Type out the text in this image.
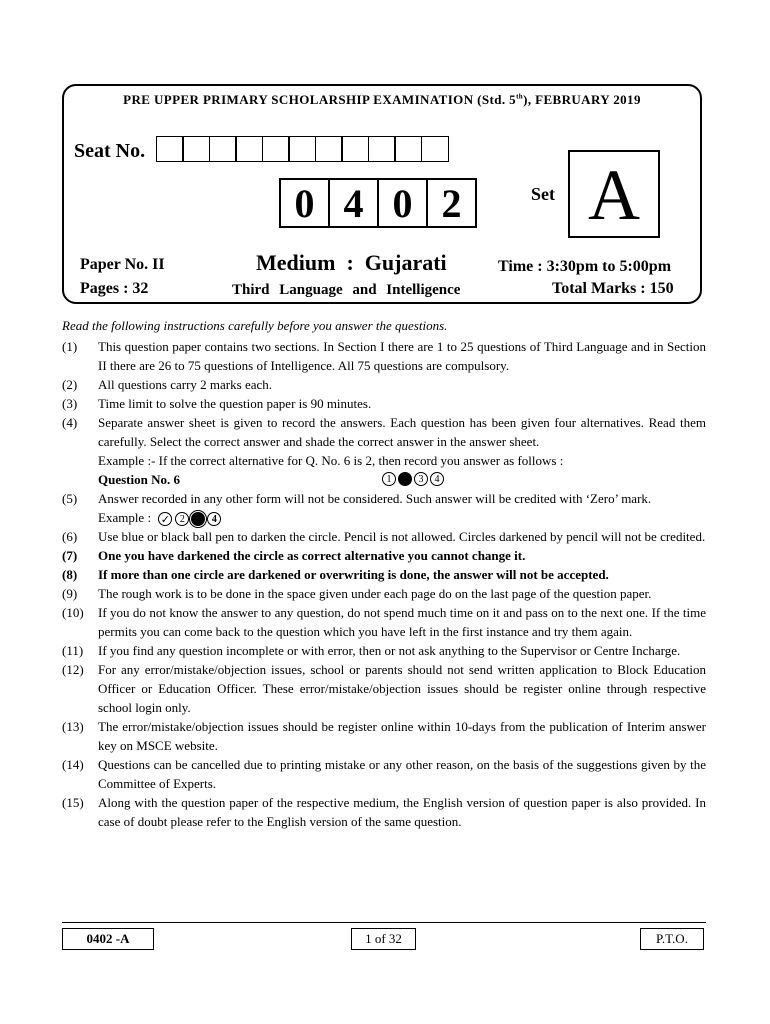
PRE UPPER PRIMARY SCHOLARSHIP EXAMINATION (Std. 5th), FEBRUARY 2019
Seat No.
0 4 0 2	Set A
Paper No. II
Pages : 32
Medium  :  Gujarati
Third Language and Intelligence
Time : 3:30pm to 5:00pm
Total Marks : 150
Read the following instructions carefully before you answer the questions.
(1) This question paper contains two sections. In Section I there are 1 to 25 questions of Third Language and in Section II there are 26 to 75 questions of Intelligence. All 75 questions are compulsory.
(2) All questions carry 2 marks each.
(3) Time limit to solve the question paper is 90 minutes.
(4) Separate answer sheet is given to record the answers. Each question has been given four alternatives. Read them carefully. Select the correct answer and shade the correct answer in the answer sheet.
Example :- If the correct alternative for Q. No. 6 is 2, then record you answer as follows :
Question No. 6	1	3	4
(5) Answer recorded in any other form will not be considered. Such answer will be credited with ‘Zero’ mark.
Example : ✓ 2	4
(6) Use blue or black ball pen to darken the circle. Pencil is not allowed. Circles darkened by pencil will not be credited.
(7) One you have darkened the circle as correct alternative you cannot change it.
(8) If more than one circle are darkened or overwriting is done, the answer will not be accepted.
(9) The rough work is to be done in the space given under each page do on the last page of the question paper.
(10) If you do not know the answer to any question, do not spend much time on it and pass on to the next one. If the time permits you can come back to the question which you have left in the first instance and try them again.
(11) If you find any question incomplete or with error, then or not ask anything to the Supervisor or Centre Incharge.
(12) For any error/mistake/objection issues, school or parents should not send written application to Block Education Officer or Education Officer. These error/mistake/objection issues should be register online through respective school login only.
(13) The error/mistake/objection issues should be register online within 10-days from the publication of Interim answer key on MSCE website.
(14) Questions can be cancelled due to printing mistake or any other reason, on the basis of the suggestions given by the Committee of Experts.
(15) Along with the question paper of the respective medium, the English version of question paper is also provided. In case of doubt please refer to the English version of the same question.
0402 -A	1 of 32	P.T.O.
